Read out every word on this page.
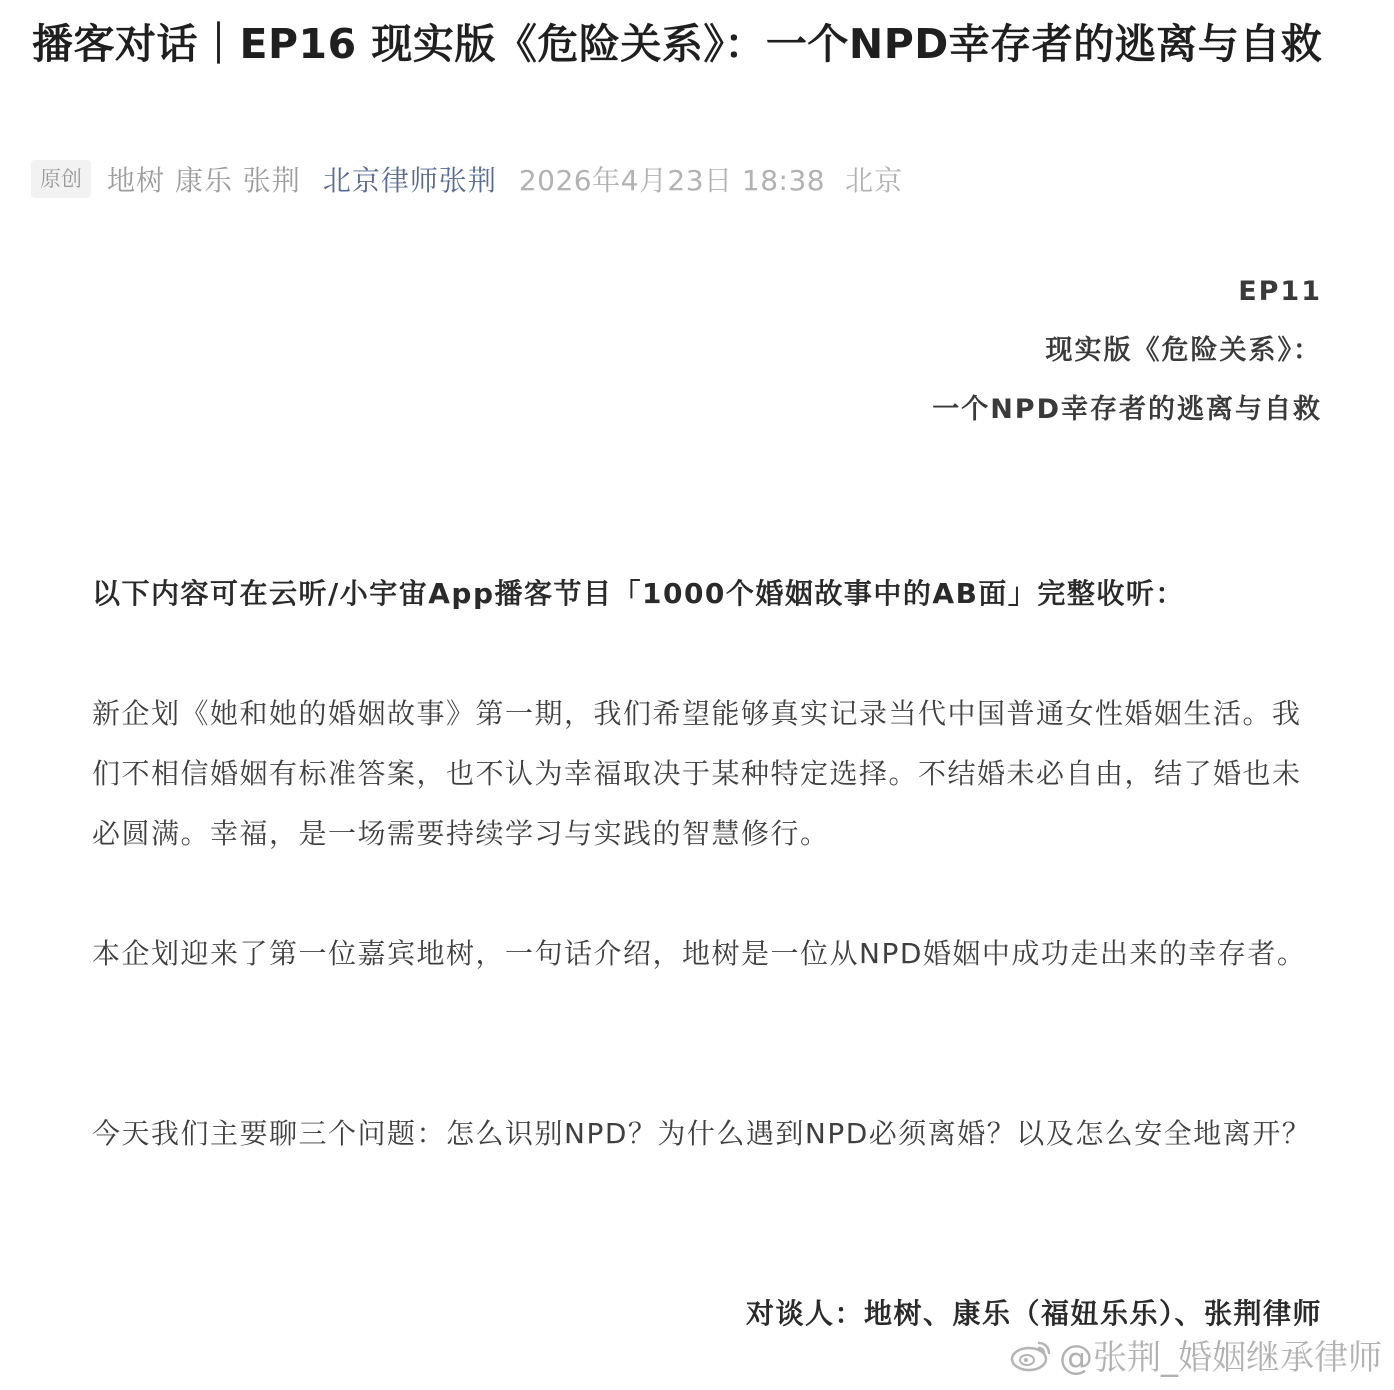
播客对话｜EP16 现实版《危险关系》：一个NPD幸存者的逃离与自救
原创 地树 康乐 张荆 北京律师张荆 2026年4月23日 18:38 北京
EP11
现实版《危险关系》：
一个NPD幸存者的逃离与自救

以下内容可在云听/小宇宙App播客节目「1000个婚姻故事中的AB面」完整收听：

新企划《她和她的婚姻故事》第一期，我们希望能够真实记录当代中国普通女性婚姻生活。我们不相信婚姻有标准答案，也不认为幸福取决于某种特定选择。不结婚未必自由，结了婚也未必圆满。幸福，是一场需要持续学习与实践的智慧修行。

本企划迎来了第一位嘉宾地树，一句话介绍，地树是一位从NPD婚姻中成功走出来的幸存者。

今天我们主要聊三个问题：怎么识别NPD？为什么遇到NPD必须离婚？以及怎么安全地离开？

对谈人：地树、康乐（福妞乐乐）、张荆律师
@张荆_婚姻继承律师
